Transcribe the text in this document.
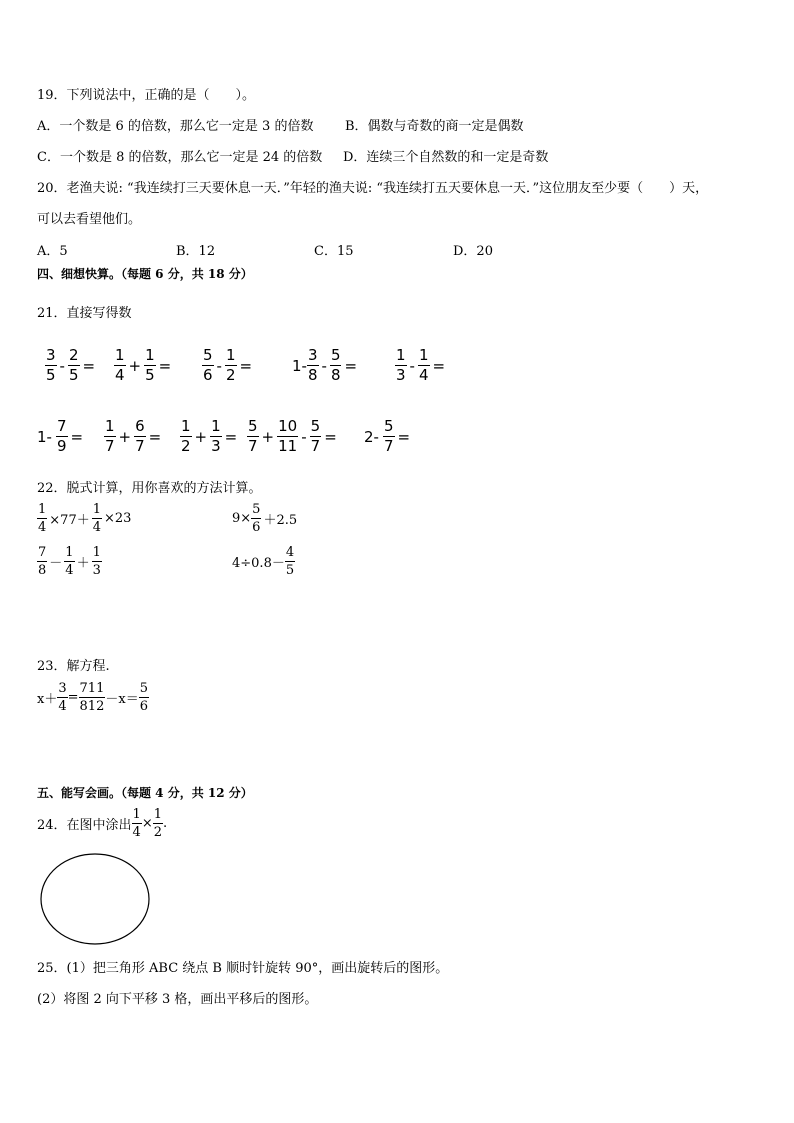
19．下列说法中，正确的是（　　）。
A．一个数是 6 的倍数，那么它一定是 3 的倍数 B．偶数与奇数的商一定是偶数
C．一个数是 8 的倍数，那么它一定是 24 的倍数 D．连续三个自然数的和一定是奇数
20．老渔夫说: “我连续打三天要休息一天．”年轻的渔夫说: “我连续打五天要休息一天．”这位朋友至少要（　　）天，
可以去看望他们。
A．5	B．12	C．15	D．20
四、细想快算。（每题 6 分，共 18 分）
21．直接写得数
$\frac{3}{5} - \frac{2}{5} = \frac{1}{4} + \frac{1}{5} = \frac{5}{6} - \frac{1}{2}$ =	$1- \frac{3}{8} - \frac{5}{8}$ =	$\frac{1}{3} - \frac{1}{4}$ =
$1- \frac{7}{9} = \frac{1}{7} + \frac{6}{7} = \frac{1}{2} + \frac{1}{3} = \frac{5}{7} + \frac{10}{11} - \frac{5}{7} = 2- \frac{5}{7}$ =
22．脱式计算，用你喜欢的方法计算。
$\frac{1}{4} \times 77+ \frac{1}{4} \times 23$	$9\times \frac{5}{6} +2.5$
$\frac{7}{8} - \frac{1}{4} + \frac{1}{3}$	$4\div 0.8- \frac{4}{5}$
23．解方程.
$x+ \frac{3}{4} = \frac{711}{812} -x= \frac{5}{6}$
五、能写会画。（每题 4 分，共 12 分）
24．在图中涂出 $\frac{1}{4} \times \frac{1}{2}$ .
25．(1）把三角形 ABC 绕点 B 顺时针旋转 90°，画出旋转后的图形。
(2）将图 2 向下平移 3 格，画出平移后的图形。
